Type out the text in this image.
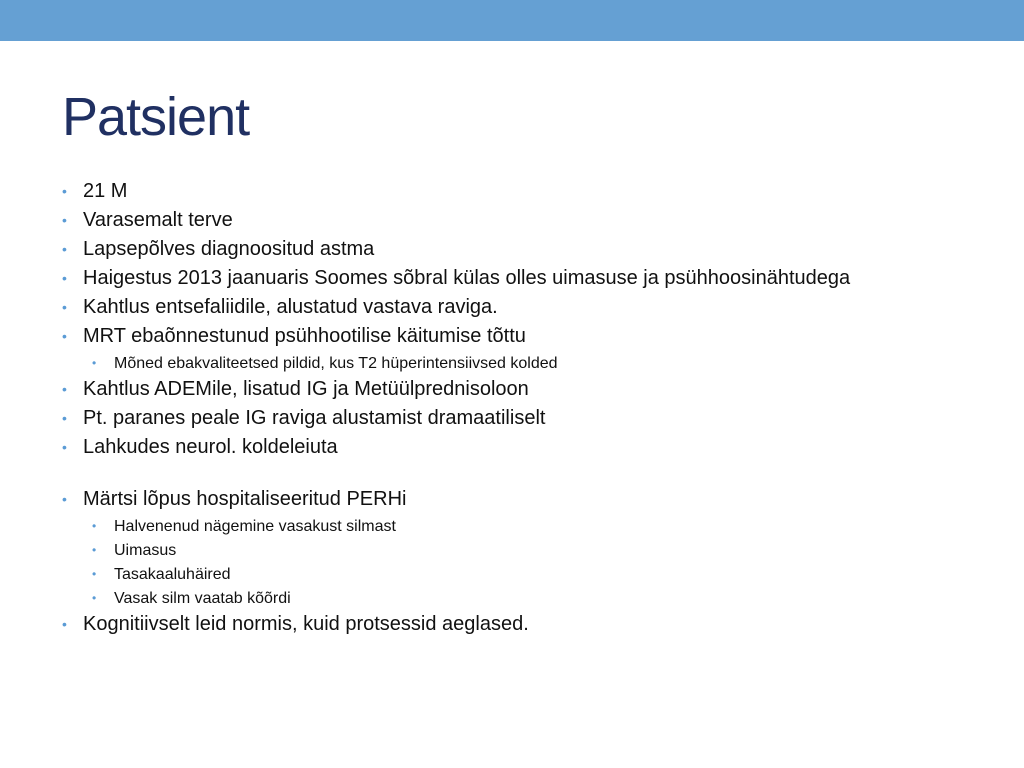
Patsient
• 21 M
• Varasemalt terve
• Lapsepõlves diagnoositud astma
• Haigestus 2013 jaanuaris Soomes sõbral külas olles uimasuse ja psühhoosinähtudega
• Kahtlus entsefaliidile, alustatud vastava raviga.
• MRT ebaõnnestunud psühhootilise käitumise tõttu
• Mõned ebakvaliteetsed pildid, kus T2 hüperintensiivsed kolded
• Kahtlus ADEMile, lisatud IG ja Metüülprednisoloon
• Pt. paranes peale IG raviga alustamist dramaatiliselt
• Lahkudes neurol. koldeleiuta
• Märtsi lõpus hospitaliseeritud PERHi
• Halvenenud nägemine vasakust silmast
• Uimasus
• Tasakaaluhäired
• Vasak silm vaatab kõõrdi
• Kognitiivselt leid normis, kuid protsessid aeglased.
